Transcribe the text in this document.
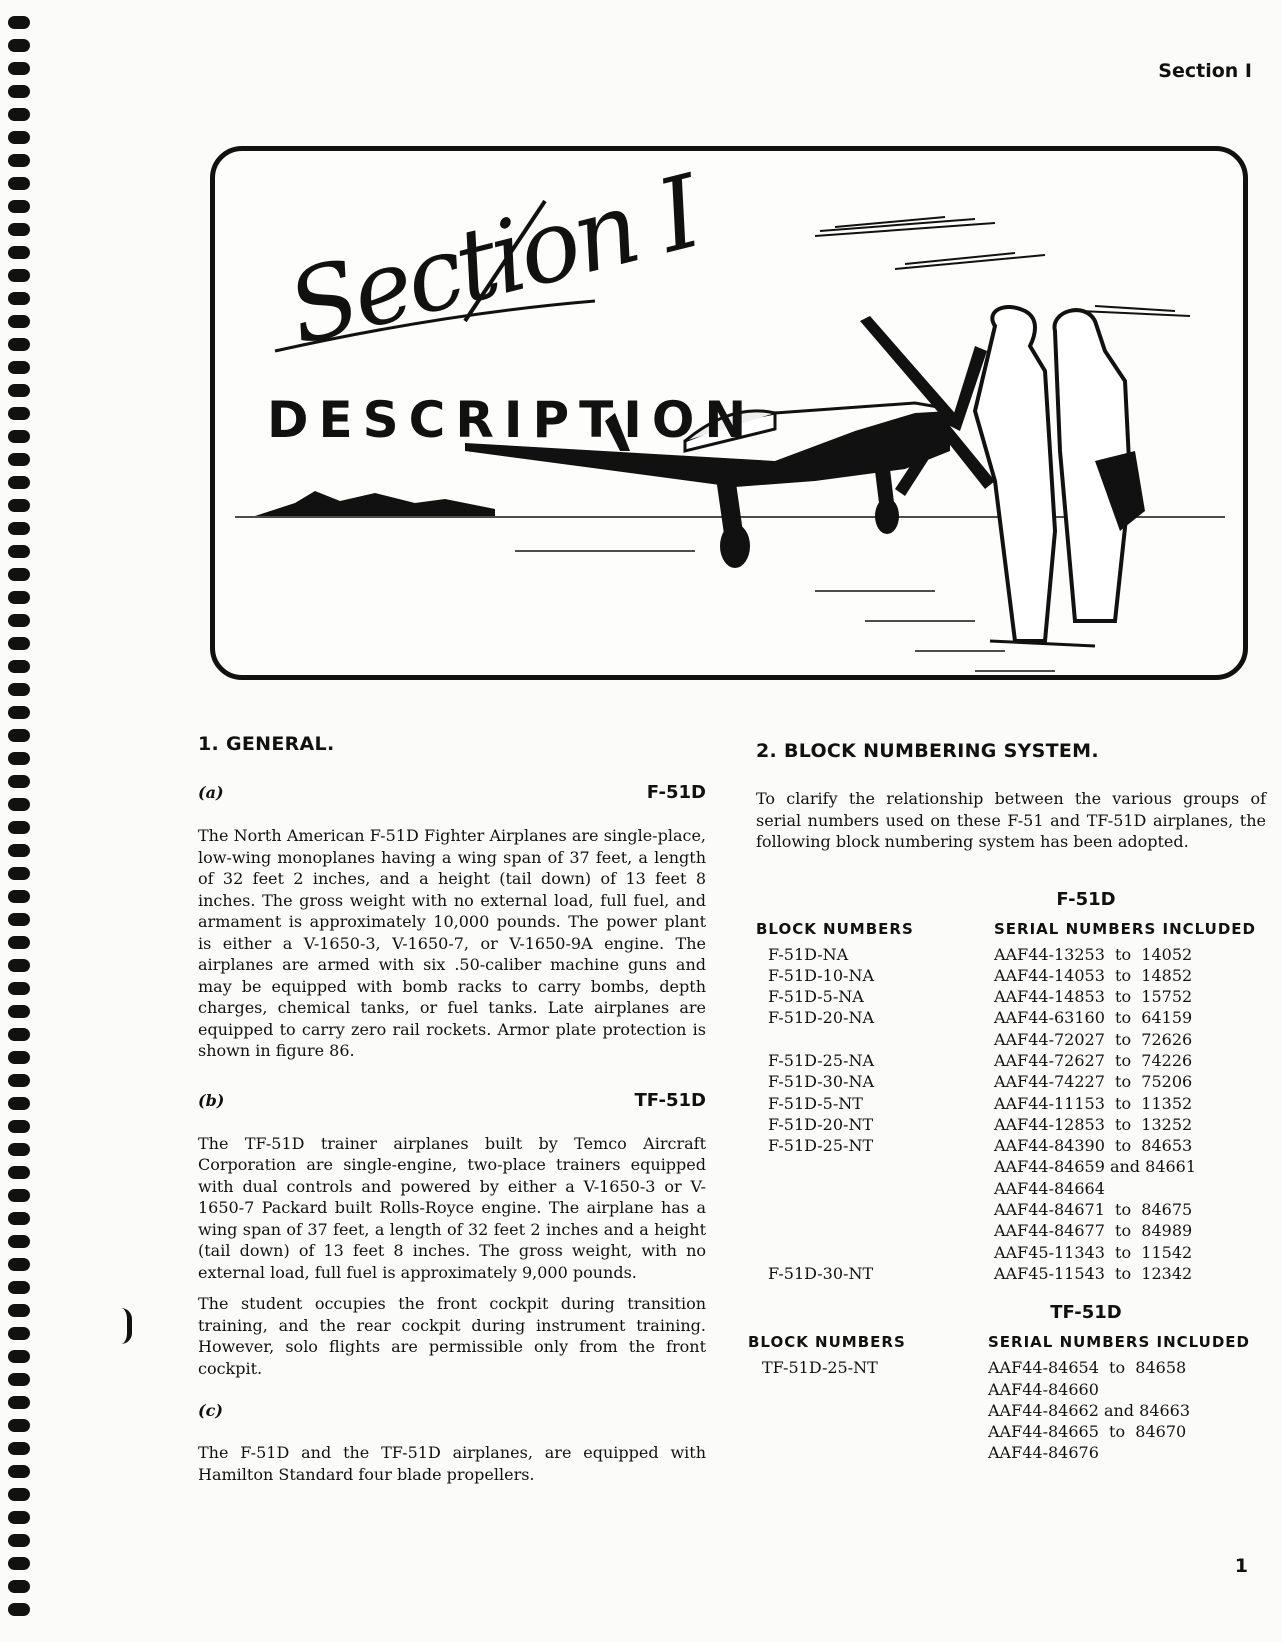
Section I
Section I
DESCRIPTION
1. GENERAL.
(a)	F-51D

The North American F-51D Fighter Airplanes are single-place, low-wing monoplanes having a wing span of 37 feet, a length of 32 feet 2 inches, and a height (tail down) of 13 feet 8 inches. The gross weight with no external load, full fuel, and armament is approximately 10,000 pounds. The power plant is either a V-1650-3, V-1650-7, or V-1650-9A engine. The airplanes are armed with six .50-caliber machine guns and may be equipped with bomb racks to carry bombs, depth charges, chemical tanks, or fuel tanks. Late airplanes are equipped to carry zero rail rockets. Armor plate protection is shown in figure 86.

(b)	TF-51D

The TF-51D trainer airplanes built by Temco Aircraft Corporation are single-engine, two-place trainers equipped with dual controls and powered by either a V-1650-3 or V-1650-7 Packard built Rolls-Royce engine. The airplane has a wing span of 37 feet, a length of 32 feet 2 inches and a height (tail down) of 13 feet 8 inches. The gross weight, with no external load, full fuel is approximately 9,000 pounds.

The student occupies the front cockpit during transition training, and the rear cockpit during instrument training. However, solo flights are permissible only from the front cockpit.

(c)

The F-51D and the TF-51D airplanes, are equipped with Hamilton Standard four blade propellers.

2. BLOCK NUMBERING SYSTEM.

To clarify the relationship between the various groups of serial numbers used on these F-51 and TF-51D airplanes, the following block numbering system has been adopted.

F-51D
BLOCK NUMBERS	SERIAL NUMBERS INCLUDED
F-51D-NA	AAF44-13253  to  14052
F-51D-10-NA	AAF44-14053  to  14852
F-51D-5-NA	AAF44-14853  to  15752
F-51D-20-NA	AAF44-63160  to  64159
AAF44-72027  to  72626
F-51D-25-NA	AAF44-72627  to  74226
F-51D-30-NA	AAF44-74227  to  75206
F-51D-5-NT	AAF44-11153  to  11352
F-51D-20-NT	AAF44-12853  to  13252
F-51D-25-NT	AAF44-84390  to  84653
AAF44-84659 and 84661
AAF44-84664
AAF44-84671  to  84675
AAF44-84677  to  84989
AAF45-11343  to  11542
F-51D-30-NT	AAF45-11543  to  12342
TF-51D
BLOCK NUMBERS	SERIAL NUMBERS INCLUDED
TF-51D-25-NT	AAF44-84654  to  84658
AAF44-84660
AAF44-84662 and 84663
AAF44-84665  to  84670
AAF44-84676
1
